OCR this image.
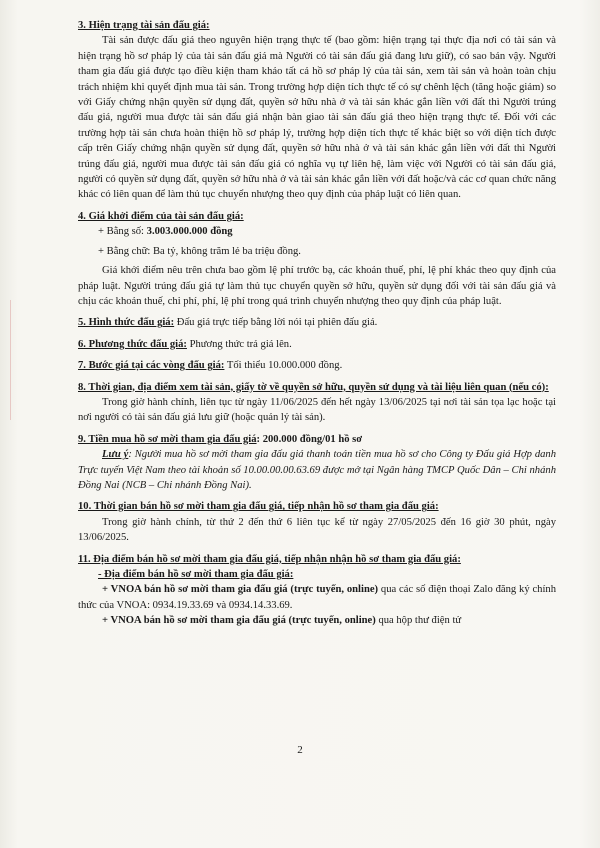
3. Hiện trạng tài sản đấu giá:

Tài sản được đấu giá theo nguyên hiện trạng thực tế (bao gồm: hiện trạng tại thực địa nơi có tài sản và hiện trạng hồ sơ pháp lý của tài sản đấu giá mà Người có tài sản đấu giá đang lưu giữ), có sao bán vậy. Người tham gia đấu giá được tạo điều kiện tham khảo tất cả hồ sơ pháp lý của tài sản, xem tài sản và hoàn toàn chịu trách nhiệm khi quyết định mua tài sản. Trong trường hợp diện tích thực tế có sự chênh lệch (tăng hoặc giảm) so với Giấy chứng nhận quyền sử dụng đất, quyền sở hữu nhà ở và tài sản khác gắn liền với đất thì Người trúng đấu giá, người mua được tài sản đấu giá nhận bàn giao tài sản đấu giá theo hiện trạng thực tế. Đối với các trường hợp tài sản chưa hoàn thiện hồ sơ pháp lý, trường hợp diện tích thực tế khác biệt so với diện tích được cấp trên Giấy chứng nhận quyền sử dụng đất, quyền sở hữu nhà ở và tài sản khác gắn liền với đất thì Người trúng đấu giá, người mua được tài sản đấu giá có nghĩa vụ tự liên hệ, làm việc với Người có tài sản đấu giá, người có quyền sử dụng đất, quyền sở hữu nhà ở và tài sản khác gắn liền với đất hoặc/và các cơ quan chức năng khác có liên quan để làm thủ tục chuyển nhượng theo quy định của pháp luật có liên quan.

4. Giá khởi điểm của tài sản đấu giá:

+ Bằng số: 3.003.000.000 đồng

+ Bằng chữ: Ba tỷ, không trăm lẻ ba triệu đồng.

Giá khởi điểm nêu trên chưa bao gồm lệ phí trước bạ, các khoản thuế, phí, lệ phí khác theo quy định của pháp luật. Người trúng đấu giá tự làm thủ tục chuyển quyền sở hữu, quyền sử dụng đối với tài sản đấu giá và chịu các khoản thuế, chi phí, phí, lệ phí trong quá trình chuyển nhượng theo quy định của pháp luật.

5. Hình thức đấu giá: Đấu giá trực tiếp bằng lời nói tại phiên đấu giá.

6. Phương thức đấu giá: Phương thức trả giá lên.

7. Bước giá tại các vòng đấu giá: Tối thiểu 10.000.000 đồng.

8. Thời gian, địa điểm xem tài sản, giấy tờ về quyền sở hữu, quyền sử dụng và tài liệu liên quan (nếu có):

Trong giờ hành chính, liên tục từ ngày 11/06/2025 đến hết ngày 13/06/2025 tại nơi tài sản tọa lạc hoặc tại nơi người có tài sản đấu giá lưu giữ (hoặc quản lý tài sản).

9. Tiền mua hồ sơ mời tham gia đấu giá: 200.000 đồng/01 hồ sơ

Lưu ý: Người mua hồ sơ mời tham gia đấu giá thanh toán tiền mua hồ sơ cho Công ty Đấu giá Hợp danh Trực tuyến Việt Nam theo tài khoản số 10.00.00.00.63.69 được mở tại Ngân hàng TMCP Quốc Dân – Chi nhánh Đồng Nai (NCB – Chi nhánh Đồng Nai).

10. Thời gian bán hồ sơ mời tham gia đấu giá, tiếp nhận hồ sơ tham gia đấu giá:

Trong giờ hành chính, từ thứ 2 đến thứ 6 liên tục kể từ ngày 27/05/2025 đến 16 giờ 30 phút, ngày 13/06/2025.

11. Địa điểm bán hồ sơ mời tham gia đấu giá, tiếp nhận nhận hồ sơ tham gia đấu giá:

- Địa điểm bán hồ sơ mời tham gia đấu giá:

+ VNOA bán hồ sơ mời tham gia đấu giá (trực tuyến, online) qua các số điện thoại Zalo đăng ký chính thức của VNOA: 0934.19.33.69 và 0934.14.33.69.

+ VNOA bán hồ sơ mời tham gia đấu giá (trực tuyến, online) qua hộp thư điện tử

2
